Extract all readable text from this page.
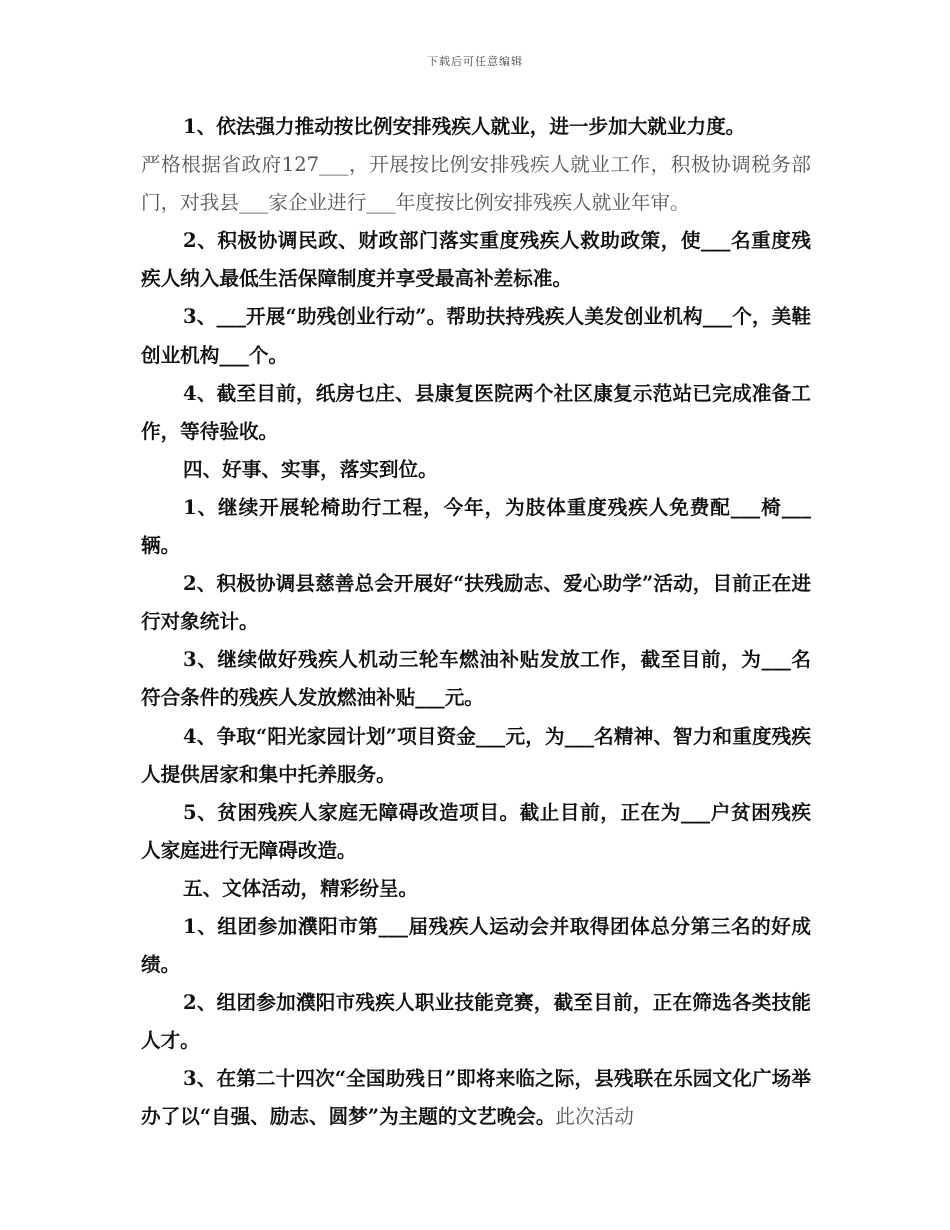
下载后可任意编辑

1、依法强力推动按比例安排残疾人就业，进一步加大就业力度。

严格根据省政府127___，开展按比例安排残疾人就业工作，积极协调税务部门，对我县___家企业进行___年度按比例安排残疾人就业年审。

2、积极协调民政、财政部门落实重度残疾人救助政策，使___名重度残疾人纳入最低生活保障制度并享受最高补差标准。

3、___开展“助残创业行动”。帮助扶持残疾人美发创业机构___个，美鞋创业机构___个。

4、截至目前，纸房乜庄、县康复医院两个社区康复示范站已完成准备工作，等待验收。

四、好事、实事，落实到位。

1、继续开展轮椅助行工程，今年，为肢体重度残疾人免费配___椅___辆。

2、积极协调县慈善总会开展好“扶残励志、爱心助学”活动，目前正在进行对象统计。

3、继续做好残疾人机动三轮车燃油补贴发放工作，截至目前，为___名符合条件的残疾人发放燃油补贴___元。

4、争取“阳光家园计划”项目资金___元，为___名精神、智力和重度残疾人提供居家和集中托养服务。

5、贫困残疾人家庭无障碍改造项目。截止目前，正在为___户贫困残疾人家庭进行无障碍改造。

五、文体活动，精彩纷呈。

1、组团参加濮阳市第___届残疾人运动会并取得团体总分第三名的好成绩。

2、组团参加濮阳市残疾人职业技能竞赛，截至目前，正在筛选各类技能人才。

3、在第二十四次“全国助残日”即将来临之际，县残联在乐园文化广场举办了以“自强、励志、圆梦”为主题的文艺晚会。此次活动
